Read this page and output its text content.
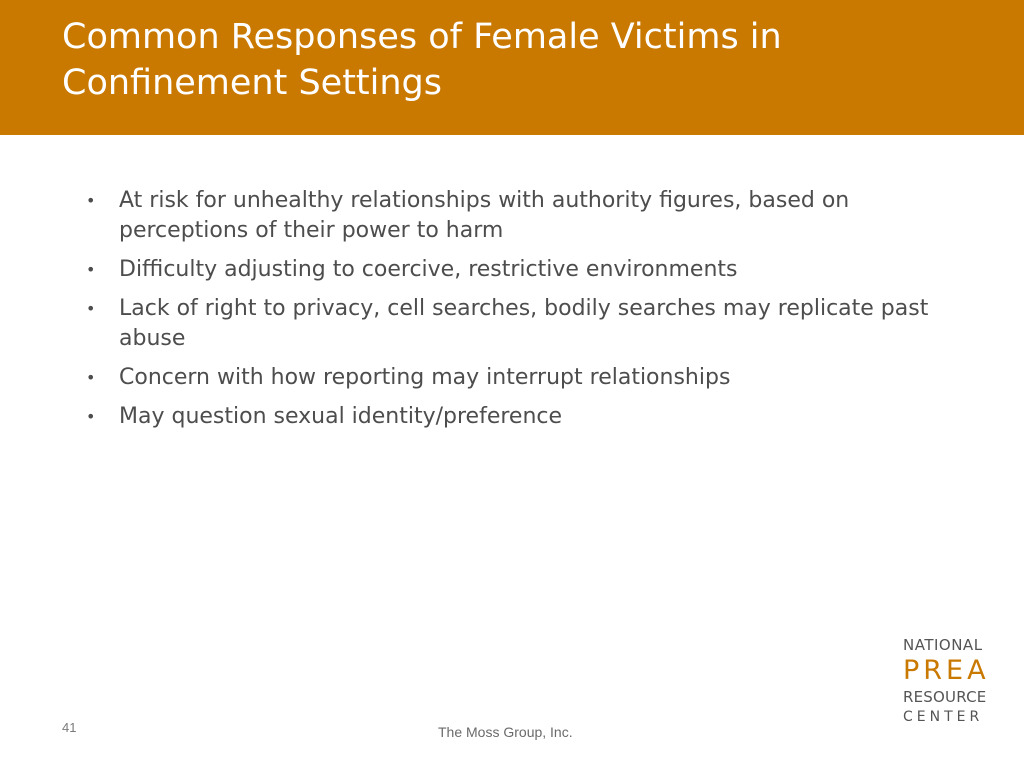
Common Responses of Female Victims in Confinement Settings
• At risk for unhealthy relationships with authority figures, based on perceptions of their power to harm
• Difficulty adjusting to coercive, restrictive environments
• Lack of right to privacy, cell searches, bodily searches may replicate past abuse
• Concern with how reporting may interrupt relationships
• May question sexual identity/preference
41	The Moss Group, Inc.
NATIONAL
PREA
RESOURCE
CENTER
